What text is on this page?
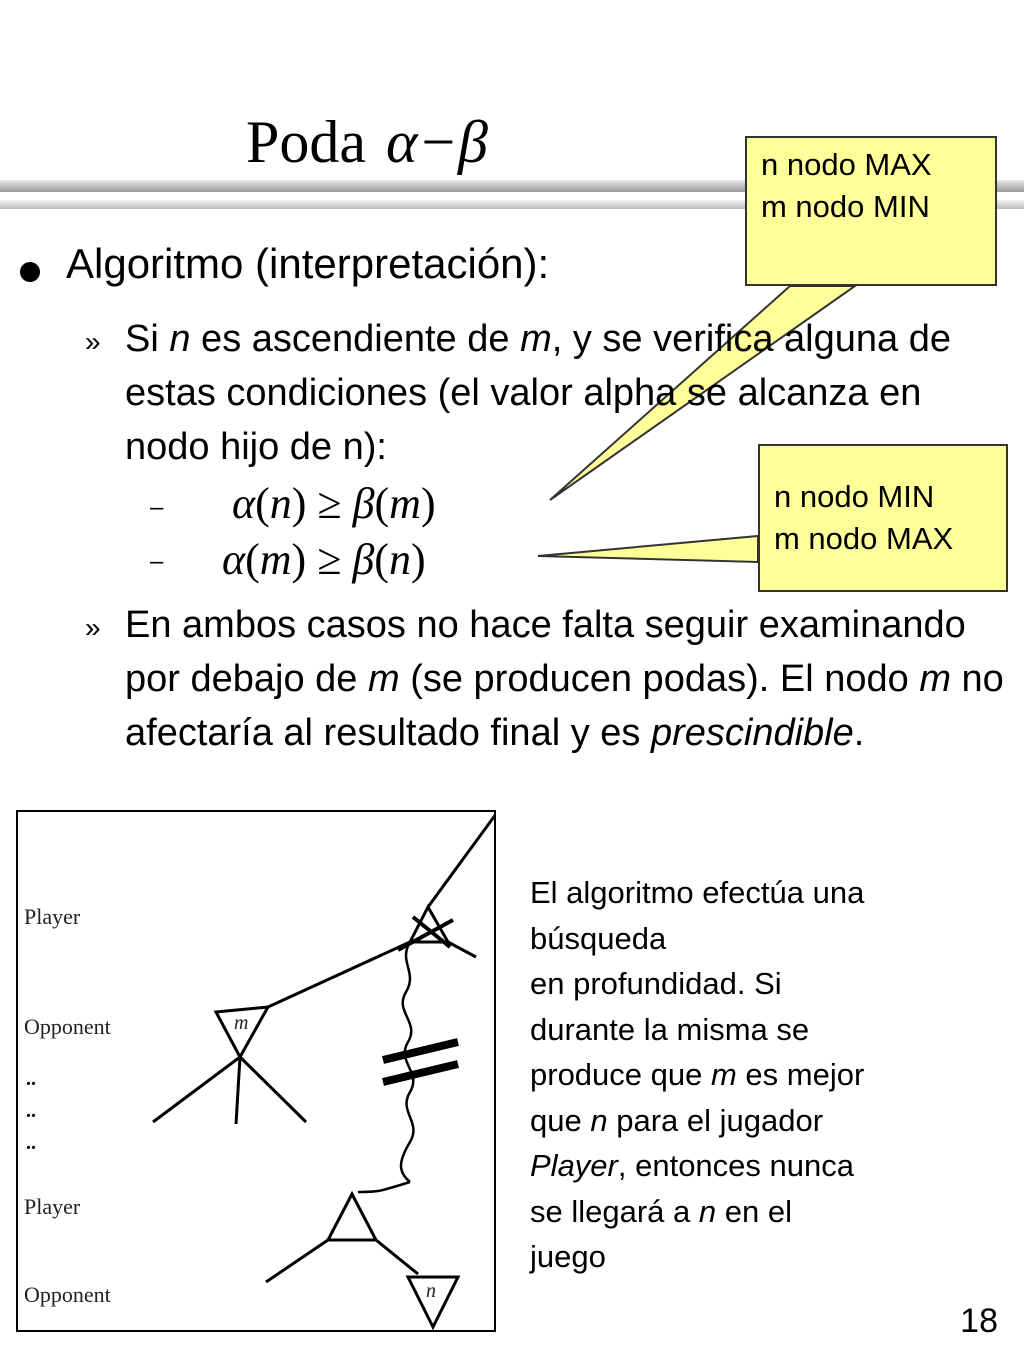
Poda α−β	n nodo MAX
m nodo MIN
n nodo MIN
m nodo MAX
Algoritmo (interpretación):
» Si n es ascendiente de m, y se verifica alguna de estas condiciones (el valor alpha se alcanza en nodo hijo de n):
– α(n) ≥ β(m)
– α(m) ≥ β(n)
» En ambos casos no hace falta seguir examinando por debajo de m (se producen podas). El nodo m no afectaría al resultado final y es prescindible.
Player
Opponent
..
..
..
Player
Opponent
m
n
El algoritmo efectúa una
búsqueda
en profundidad. Si
durante la misma se
produce que m es mejor
que n para el jugador
Player, entonces nunca
se llegará a n en el
juego
18
